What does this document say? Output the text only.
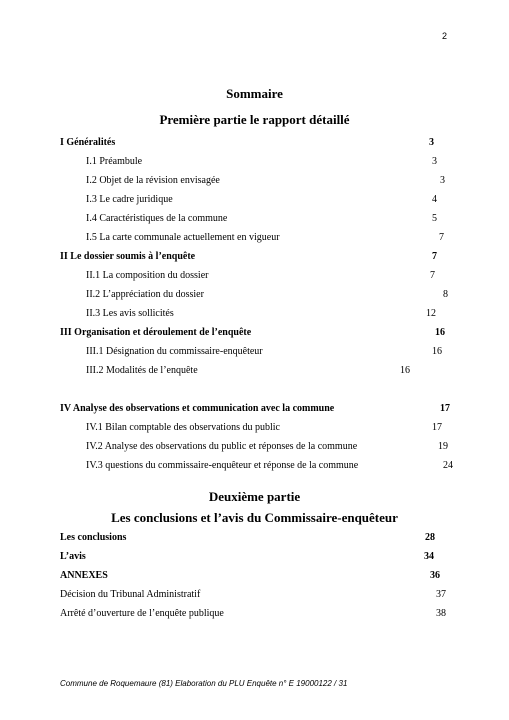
2
Sommaire
Première partie le rapport détaillé
I Généralités	3
I.1 Préambule	3
I.2 Objet de la révision envisagée	3
I.3 Le cadre juridique	4
I.4 Caractéristiques de la commune	5
I.5 La carte communale actuellement en vigueur	7
II Le dossier soumis à l’enquête	7
II.1 La composition du dossier	7
II.2 L’appréciation du dossier	8
II.3 Les avis sollicités	12
III Organisation et déroulement de l’enquête	16
III.1 Désignation du commissaire-enquêteur	16
III.2 Modalités de l’enquête	16
IV Analyse des observations et communication avec la commune	17
IV.1 Bilan comptable des observations du public	17
IV.2 Analyse des observations du public et réponses de la commune	19
IV.3 questions du commissaire-enquêteur et réponse de la commune	24
Deuxième partie
Les conclusions et l’avis du Commissaire-enquêteur
Les conclusions	28
L’avis	34
ANNEXES	36
Décision du Tribunal Administratif	37
Arrêté d’ouverture de l’enquête publique	38
Commune de Roquemaure (81) Elaboration du PLU Enquête n° E 19000122 / 31
